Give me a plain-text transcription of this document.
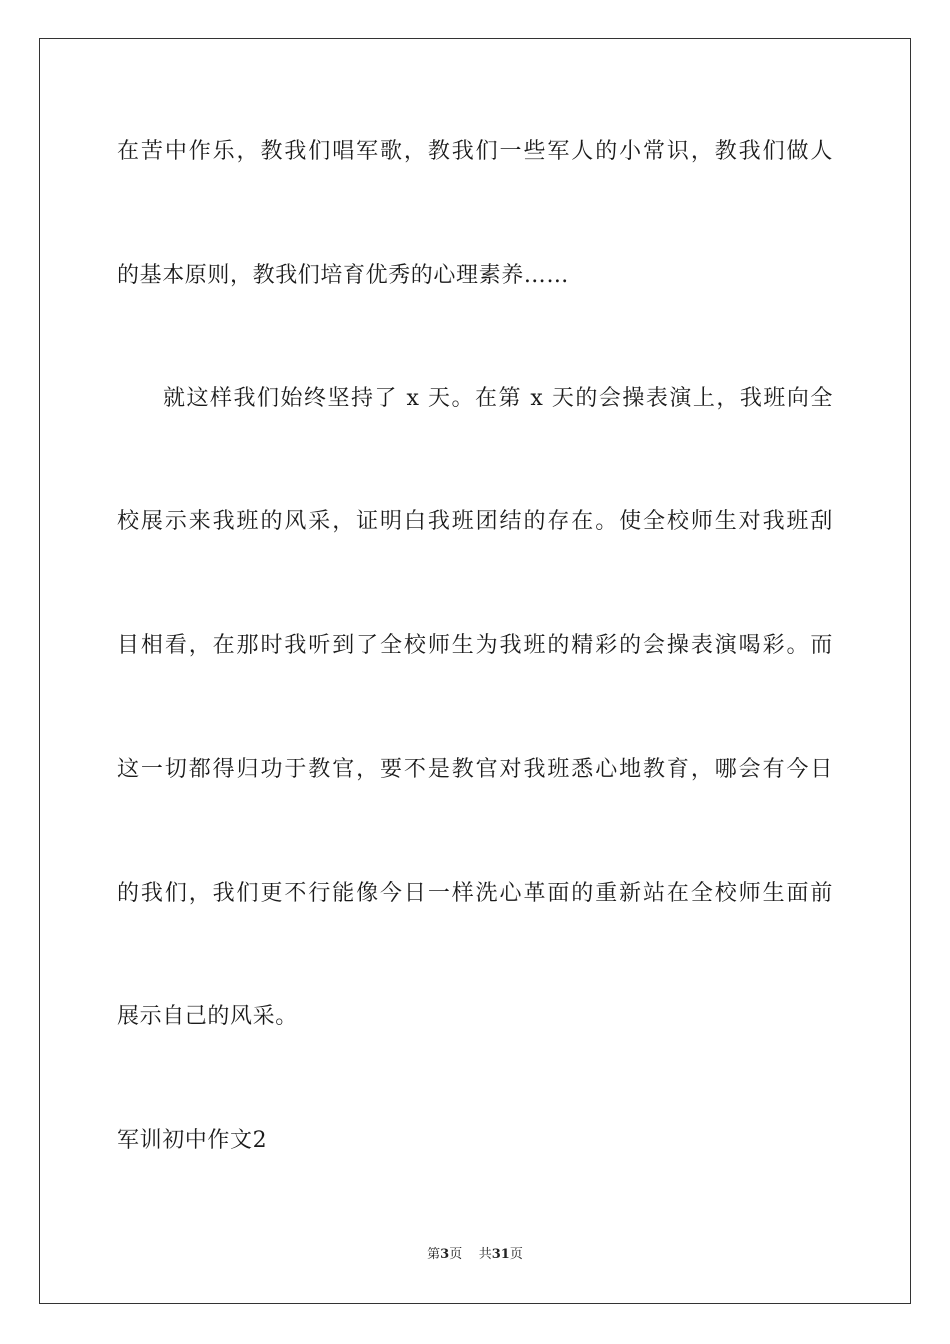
在苦中作乐，教我们唱军歌，教我们一些军人的小常识，教我们做人
的基本原则，教我们培育优秀的心理素养……
就这样我们始终坚持了 x 天。在第 x 天的会操表演上，我班向全
校展示来我班的风采，证明白我班团结的存在。使全校师生对我班刮
目相看，在那时我听到了全校师生为我班的精彩的会操表演喝彩。而
这一切都得归功于教官，要不是教官对我班悉心地教育，哪会有今日
的我们，我们更不行能像今日一样洗心革面的重新站在全校师生面前
展示自己的风采。
军训初中作文2
第3页 共31页
